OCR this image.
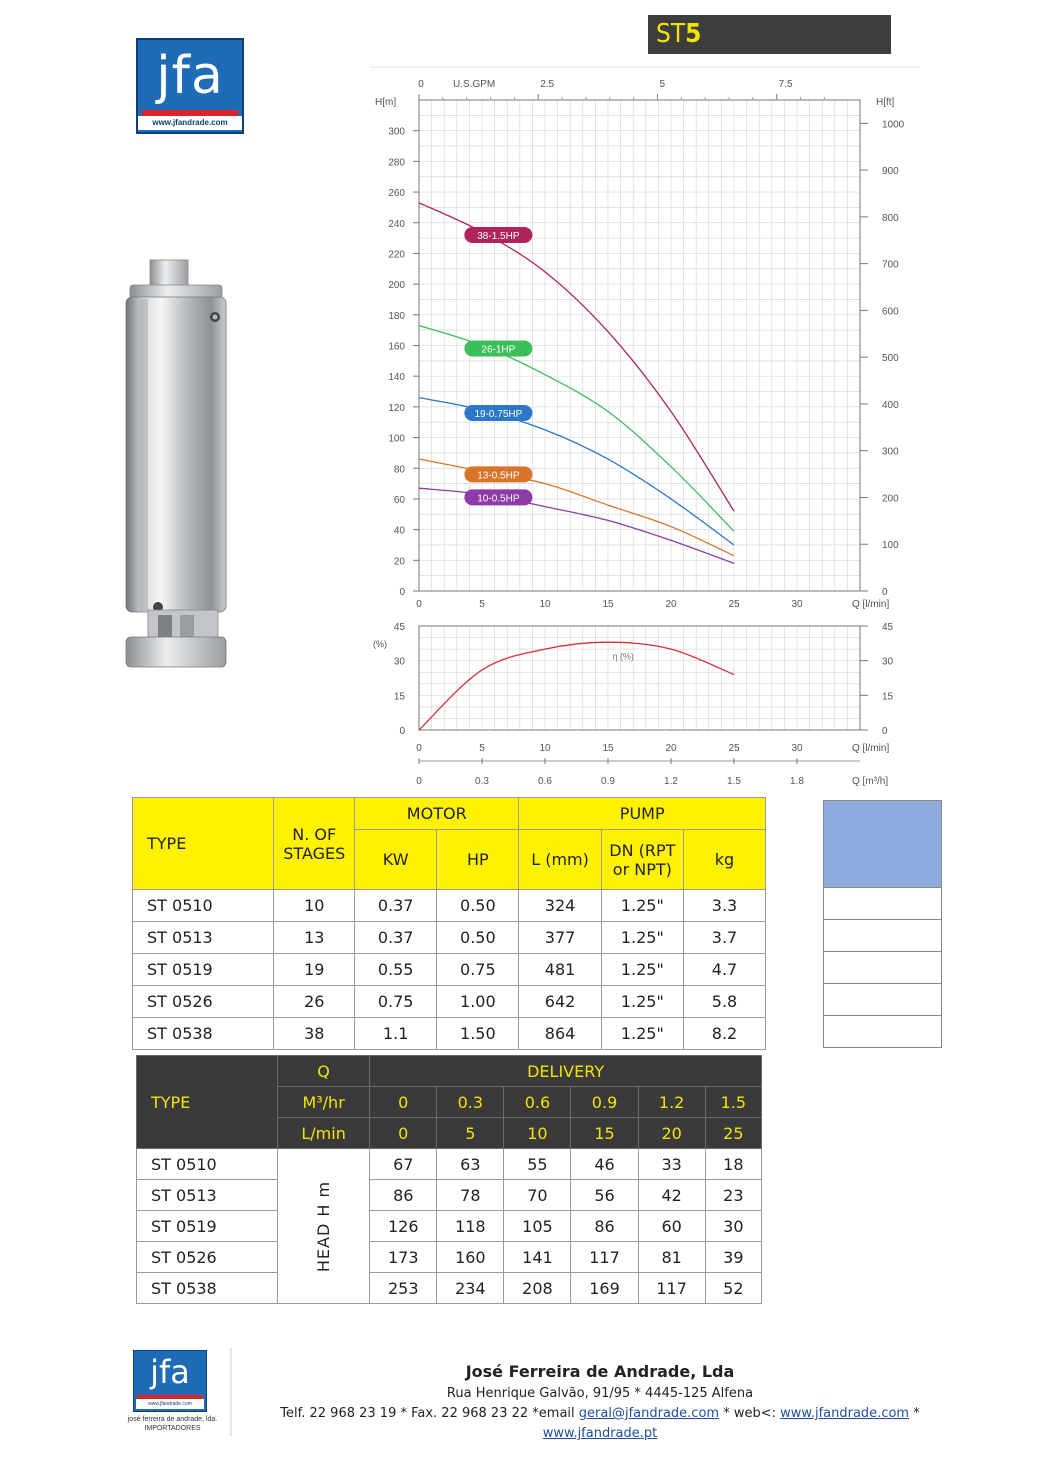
jfa
www.jfandrade.com
ST5
0
20
40
60
80
100
120
140
160
180
200
220
240
260
280
300
0	5	10	15	20	25	30	Q [l/min]
H[m]
0
100
200
300
400
500
600
700
800
900
1000
H[ft]
0	2.5	5	7.5
U.S.GPM
38-1.5HP
26-1HP
19-0.75HP
13-0.5HP
10-0.5HP
0	0
15	15
30	30
45	45
(%)
0	5	10	15	20	25	30	Q [l/min]
0	0.3	0.6	0.9	1.2	1.5	1.8	Q [m³/h]
η (%)
TYPE	N. OF STAGES	MOTOR		PUMP		
		KW	HP	L (mm)	DN (RPT or NPT)	kg
ST 0510	10	0.37	0.50	324	1.25"	3.3
ST 0513	13	0.37	0.50	377	1.25"	3.7
ST 0519	19	0.55	0.75	481	1.25"	4.7
ST 0526	26	0.75	1.00	642	1.25"	5.8
ST 0538	38	1.1	1.50	864	1.25"	8.2
TYPE	Q	DELIVERY					
	M³/hr	0	0.3	0.6	0.9	1.2	1.5
	L/min	0	5	10	15	20	25
ST 0510	HEAD H m	67	63	55	46	33	18
ST 0513		86	78	70	56	42	23
ST 0519		126	118	105	86	60	30
ST 0526		173	160	141	117	81	39
ST 0538		253	234	208	169	117	52
jfa
www.jfandrade.com
josé ferreira de andrade, lda. IMPORTADORES
José Ferreira de Andrade, Lda
Rua Henrique Galvão, 91/95 * 4445-125 Alfena
Telf. 22 968 23 19 * Fax. 22 968 23 22 *email geral@jfandrade.com * web<: www.jfandrade.com *
www.jfandrade.pt
